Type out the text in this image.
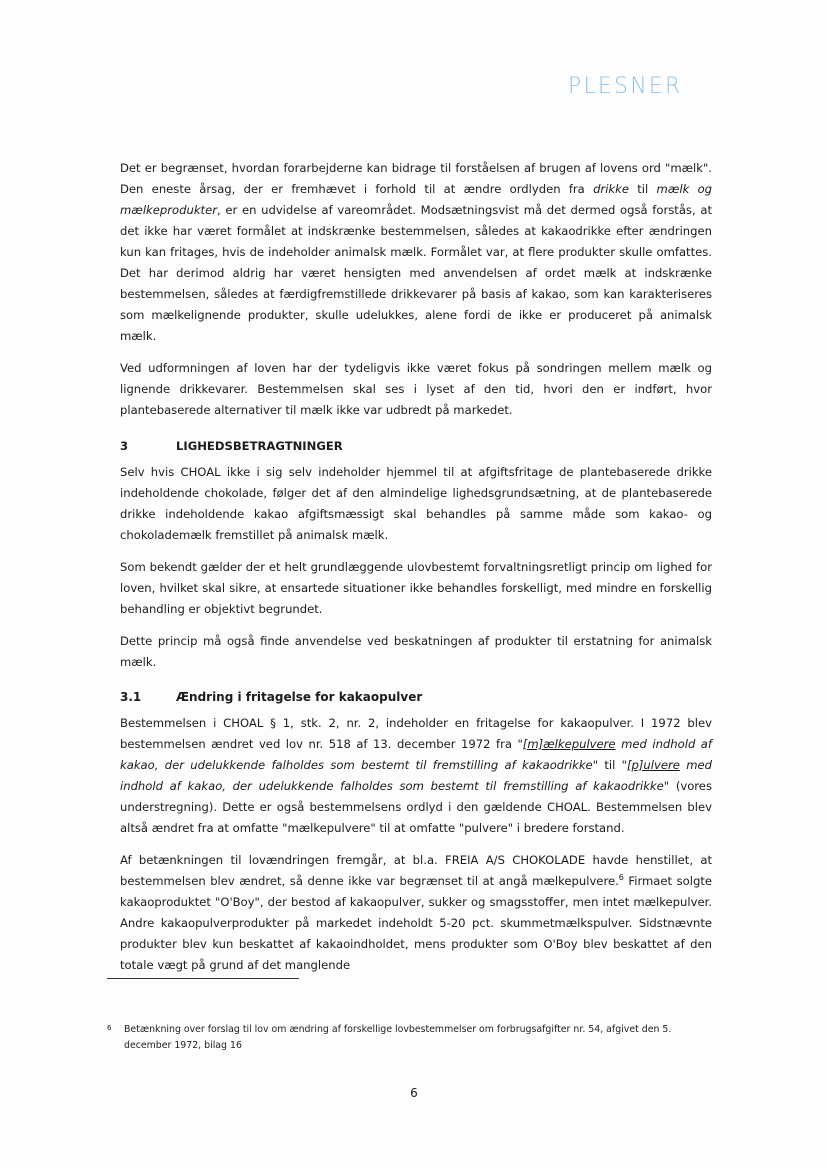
PLESNER

Det er begrænset, hvordan forarbejderne kan bidrage til forståelsen af brugen af lovens ord "mælk". Den eneste årsag, der er fremhævet i forhold til at ændre ordlyden fra drikke til mælk og mælkeprodukter, er en udvidelse af vareområdet. Modsætningsvist må det dermed også forstås, at det ikke har været formålet at indskrænke bestemmelsen, således at kakaodrikke efter ændringen kun kan fritages, hvis de indeholder animalsk mælk. Formålet var, at flere produkter skulle omfattes. Det har derimod aldrig har været hensigten med anvendelsen af ordet mælk at indskrænke bestemmelsen, således at færdigfremstillede drikkevarer på basis af kakao, som kan karakteriseres som mælkelignende produkter, skulle udelukkes, alene fordi de ikke er produceret på animalsk mælk.

Ved udformningen af loven har der tydeligvis ikke været fokus på sondringen mellem mælk og lignende drikkevarer. Bestemmelsen skal ses i lyset af den tid, hvori den er indført, hvor plantebaserede alternativer til mælk ikke var udbredt på markedet.

3	LIGHEDSBETRAGTNINGER

Selv hvis CHOAL ikke i sig selv indeholder hjemmel til at afgiftsfritage de plantebaserede drikke indeholdende chokolade, følger det af den almindelige lighedsgrundsætning, at de plantebaserede drikke indeholdende kakao afgiftsmæssigt skal behandles på samme måde som kakao- og chokolademælk fremstillet på animalsk mælk.

Som bekendt gælder der et helt grundlæggende ulovbestemt forvaltningsretligt princip om lighed for loven, hvilket skal sikre, at ensartede situationer ikke behandles forskelligt, med mindre en forskellig behandling er objektivt begrundet.

Dette princip må også finde anvendelse ved beskatningen af produkter til erstatning for animalsk mælk.

3.1	Ændring i fritagelse for kakaopulver

Bestemmelsen i CHOAL § 1, stk. 2, nr. 2, indeholder en fritagelse for kakaopulver. I 1972 blev bestemmelsen ændret ved lov nr. 518 af 13. december 1972 fra "[m]ælkepulvere med indhold af kakao, der udelukkende falholdes som bestemt til fremstilling af kakaodrikke" til "[p]ulvere med indhold af kakao, der udelukkende falholdes som bestemt til fremstilling af kakaodrikke" (vores understregning). Dette er også bestemmelsens ordlyd i den gældende CHOAL. Bestemmelsen blev altså ændret fra at omfatte "mælkepulvere" til at omfatte "pulvere" i bredere forstand.

Af betænkningen til lovændringen fremgår, at bl.a. FREIA A/S CHOKOLADE havde henstillet, at bestemmelsen blev ændret, så denne ikke var begrænset til at angå mælkepulvere.$^6$ Firmaet solgte kakaoproduktet "O'Boy", der bestod af kakaopulver, sukker og smagsstoffer, men intet mælkepulver. Andre kakaopulverprodukter på markedet indeholdt 5-20 pct. skummetmælkspulver. Sidstnævnte produkter blev kun beskattet af kakaoindholdet, mens produkter som O'Boy blev beskattet af den totale vægt på grund af det manglende

6	Betænkning over forslag til lov om ændring af forskellige lovbestemmelser om forbrugsafgifter nr. 54, afgivet den 5. december 1972, bilag 16
6
